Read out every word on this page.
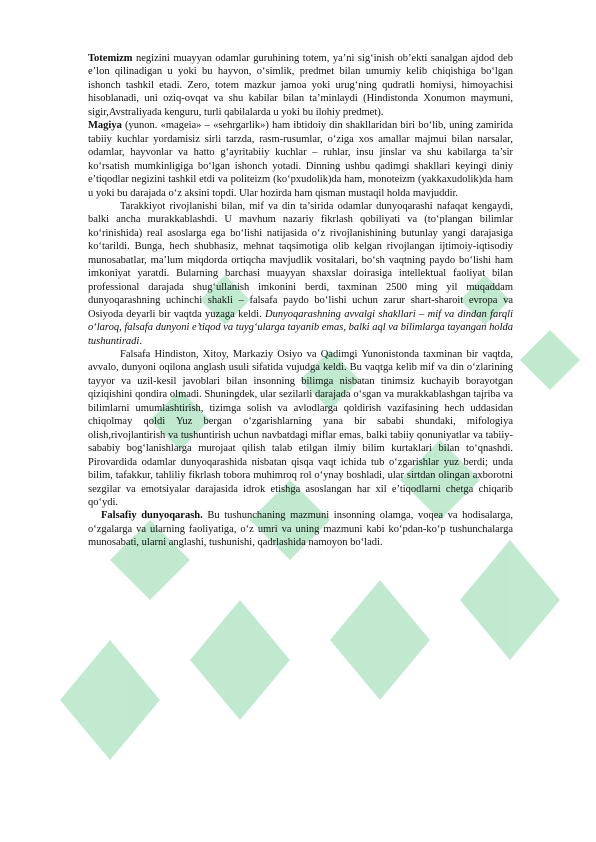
Totemizm negizini muayyan odamlar guruhining totem, ya’ni sig‘inish ob’ekti sanalgan ajdod deb e’lon qilinadigan u yoki bu hayvon, o‘simlik, predmet bilan umumiy kelib chiqishiga bo‘lgan ishonch tashkil etadi. Zero, totem mazkur jamoa yoki urug‘ning qudratli homiysi, himoyachisi hisoblanadi, uni oziq-ovqat va shu kabilar bilan ta’minlaydi (Hindistonda Xonumon maymuni, sigir,Avstraliyada kenguru, turli qabilalarda u yoki bu ilohiy predmet).

Magiya (yunon. «mageia» – «sehrgarlik») ham ibtidoiy din shakllaridan biri bo‘lib, uning zamirida tabiiy kuchlar yordamisiz sirli tarzda, rasm-rusumlar, o‘ziga xos amallar majmui bilan narsalar, odamlar, hayvonlar va hatto g‘ayritabiiy kuchlar – ruhlar, insu jinslar va shu kabilarga ta’sir ko‘rsatish mumkinligiga bo‘lgan ishonch yotadi. Dinning ushbu qadimgi shakllari keyingi diniy e’tiqodlar negizini tashkil etdi va politeizm (ko‘pxudolik)da ham, monoteizm (yakkaxudolik)da ham u yoki bu darajada o‘z aksini topdi. Ular hozirda ham qisman mustaqil holda mavjuddir.

Tarakkiyot rivojlanishi bilan, mif va din ta’sirida odamlar dunyoqarashi nafaqat kengaydi, balki ancha murakkablashdi. U mavhum nazariy fikrlash qobiliyati va (to‘plangan bilimlar ko‘rinishida) real asoslarga ega bo‘lishi natijasida o‘z rivojlanishining butunlay yangi darajasiga ko‘tarildi. Bunga, hech shubhasiz, mehnat taqsimotiga olib kelgan rivojlangan ijtimoiy-iqtisodiy munosabatlar, ma’lum miqdorda ortiqcha mavjudlik vositalari, bo‘sh vaqtning paydo bo‘lishi ham imkoniyat yaratdi. Bularning barchasi muayyan shaxslar doirasiga intellektual faoliyat bilan professional darajada shug‘ullanish imkonini berdi, taxminan 2500 ming yil muqaddam dunyoqarashning uchinchi shakli – falsafa paydo bo‘lishi uchun zarur shart-sharoit evropa va Osiyoda deyarli bir vaqtda yuzaga keldi. Dunyoqarashning avvalgi shakllari – mif va dindan farqli o‘laroq, falsafa dunyoni e’tiqod va tuyg‘ularga tayanib emas, balki aql va bilimlarga tayangan holda tushuntiradi.

Falsafa Hindiston, Xitoy, Markaziy Osiyo va Qadimgi Yunonistonda taxminan bir vaqtda, avvalo, dunyoni oqilona anglash usuli sifatida vujudga keldi. Bu vaqtga kelib mif va din o‘zlarining tayyor va uzil-kesil javoblari bilan insonning bilimga nisbatan tinimsiz kuchayib borayotgan qiziqishini qondira olmadi. Shuningdek, ular sezilarli darajada o‘sgan va murakkablashgan tajriba va bilimlarni umumlashtirish, tizimga solish va avlodlarga qoldirish vazifasining hech uddasidan chiqolmay qoldi Yuz bergan o‘zgarishlarning yana bir sababi shundaki, mifologiya olish,rivojlantirish va tushuntirish uchun navbatdagi miflar emas, balki tabiiy qonuniyatlar va tabiiy-sababiy bog‘lanishlarga murojaat qilish talab etilgan ilmiy bilim kurtaklari bilan to‘qnashdi. Pirovardida odamlar dunyoqarashida nisbatan qisqa vaqt ichida tub o‘zgarishlar yuz berdi; unda bilim, tafakkur, tahliliy fikrlash tobora muhimroq rol o‘ynay boshladi, ular sirtdan olingan axborotni sezgilar va emotsiyalar darajasida idrok etishga asoslangan har xil e’tiqodlarni chetga chiqarib qo‘ydi.

Falsafiy dunyoqarash. Bu tushunchaning mazmuni insonning olamga, voqea va hodisalarga, o‘zgalarga va ularning faoliyatiga, o‘z umri va uning mazmuni kabi ko‘pdan-ko‘p tushunchalarga munosabati, ularni anglashi, tushunishi, qadrlashida namoyon bo‘ladi.
